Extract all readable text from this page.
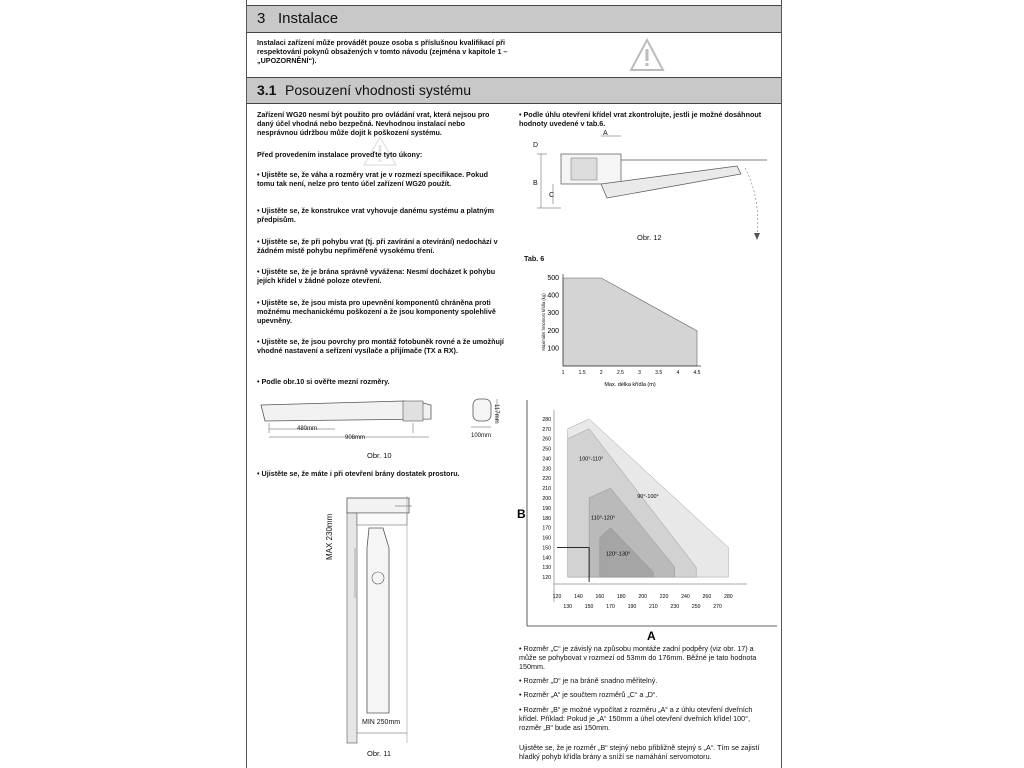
3 Instalace

Instalaci zařízení může provádět pouze osoba s příslušnou kvalifikací při respektování pokynů obsažených v tomto návodu (zejména v kapitole 1 – „UPOZORNĚNÍ“).

3.1 Posouzení vhodnosti systému

Zařízení WG20 nesmí být použito pro ovládání vrat, která nejsou pro daný účel vhodná nebo bezpečná. Nevhodnou instalací nebo nesprávnou údržbou může dojít k poškození systému.

Před provedením instalace proveďte tyto úkony:

• Ujistěte se, že váha a rozměry vrat je v rozmezí specifikace. Pokud tomu tak není, nelze pro tento účel zařízení WG20 použít.

• Ujistěte se, že konstrukce vrat vyhovuje danému systému a platným předpisům.

• Ujistěte se, že při pohybu vrat (tj. při zavírání a otevírání) nedochází v žádném místě pohybu nepřiměřeně vysokému tření.

• Ujistěte se, že je brána správně vyvážena: Nesmí docházet k pohybu jejích křídel v žádné poloze otevření.

• Ujistěte se, že jsou místa pro upevnění komponentů chráněna proti možnému mechanickému poškození a že jsou komponenty spolehlivě upevněny.

• Ujistěte se, že jsou povrchy pro montáž fotobuněk rovné a že umožňují vhodné nastavení a seřízení vysílače a přijímače (TX a RX).

• Podle obr.10 si ověřte mezní rozměry.

480mm
908mm	100mm
117mm
Obr. 10

• Ujistěte se, že máte i při otevření brány dostatek prostoru.

MAX 230mm
MIN 250mm
Obr. 11

• Podle úhlu otevření křídel vrat zkontrolujte, jestli je možné dosáhnout hodnoty uvedené v tab.6.

A
D
B
C
Obr. 12
Tab. 6
500
400
300
200
100
1	1.5	2	2.5	3	3.5	4	4.5
Max. délka křídla (m)
Maximální hmotnost křídla (kg)
90°-100°
100°-110°
110°-120°
120°-130°
280
270
260
250
240
230
220
210
200
190
180
170
160
150
140
130
120
120 140 160 180 200 220 240 260 280
130 150 170 190 210 230 250 270
B
A

• Rozměr „C“ je závislý na způsobu montáže zadní podpěry (viz obr. 17) a může se pohybovat v rozmezí od 53mm do 176mm. Běžné je tato hodnota 150mm.

• Rozměr „D“ je na bráně snadno měřitelný.

• Rozměr „A“ je součtem rozměrů „C“ a „D“.

• Rozměr „B“ je možné vypočítat z rozměru „A“ a z úhlu otevření dveřních křídel. Příklad: Pokud je „A“ 150mm a úhel otevření dveřních křídel 100°, rozměr „B“ bude asi 150mm.

Ujistěte se, že je rozměr „B“ stejný nebo přibližně stejný s „A“. Tím se zajistí hladký pohyb křídla brány a sníží se namáhání servomotoru.
